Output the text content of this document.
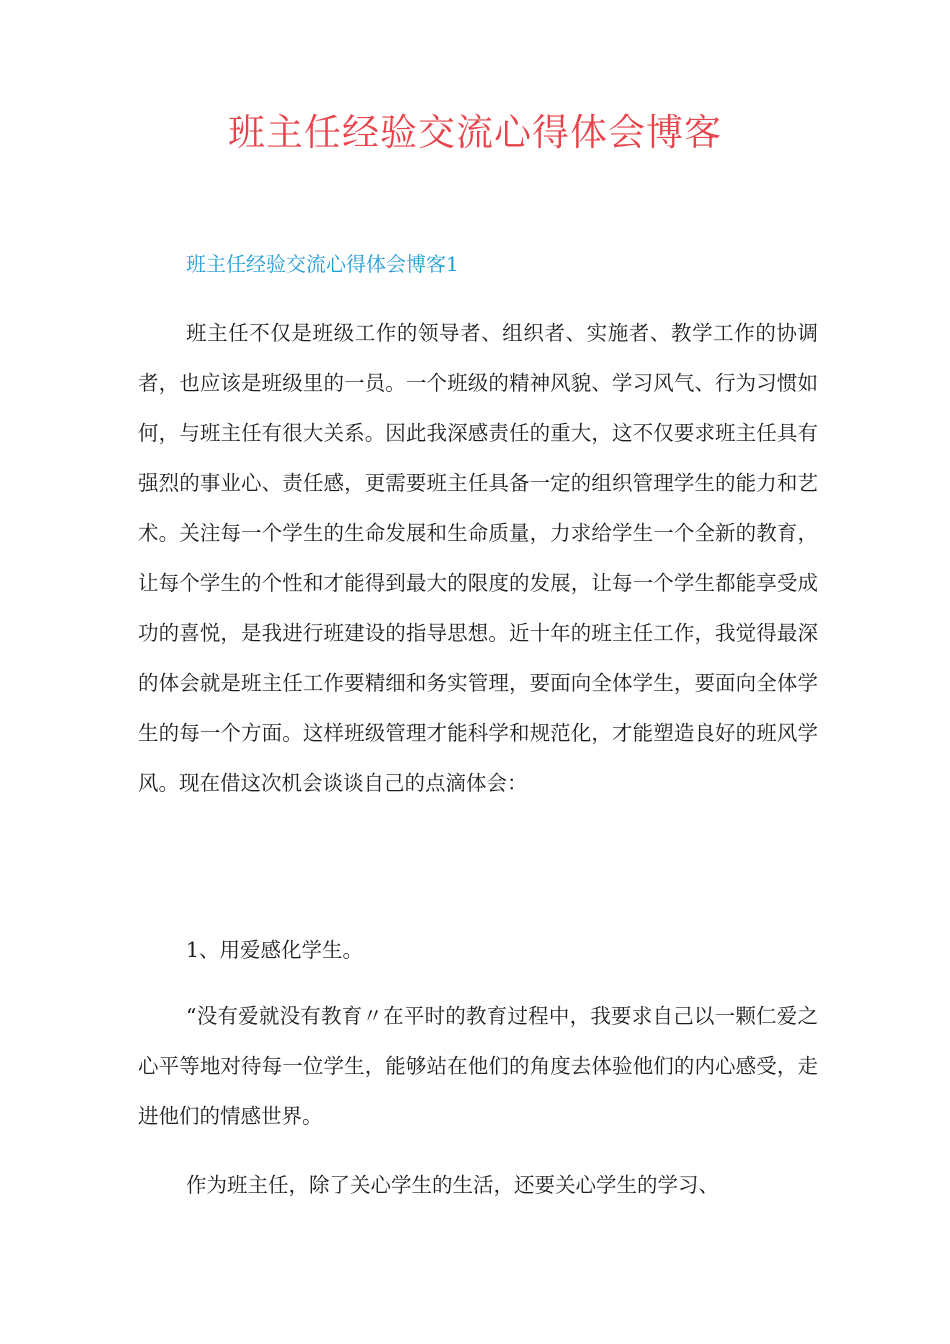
班主任经验交流心得体会博客
班主任经验交流心得体会博客1
班主任不仅是班级工作的领导者、组织者、实施者、教学工作的协调者，也应该是班级里的一员。一个班级的精神风貌、学习风气、行为习惯如何，与班主任有很大关系。因此我深感责任的重大，这不仅要求班主任具有强烈的事业心、责任感，更需要班主任具备一定的组织管理学生的能力和艺术。关注每一个学生的生命发展和生命质量，力求给学生一个全新的教育，让每个学生的个性和才能得到最大的限度的发展，让每一个学生都能享受成功的喜悦，是我进行班建设的指导思想。近十年的班主任工作，我觉得最深的体会就是班主任工作要精细和务实管理，要面向全体学生，要面向全体学生的每一个方面。这样班级管理才能科学和规范化，才能塑造良好的班风学风。现在借这次机会谈谈自己的点滴体会：
1、用爱感化学生。
“没有爱就没有教育〃在平时的教育过程中，我要求自己以一颗仁爱之心平等地对待每一位学生，能够站在他们的角度去体验他们的内心感受，走进他们的情感世界。
作为班主任，除了关心学生的生活，还要关心学生的学习、
